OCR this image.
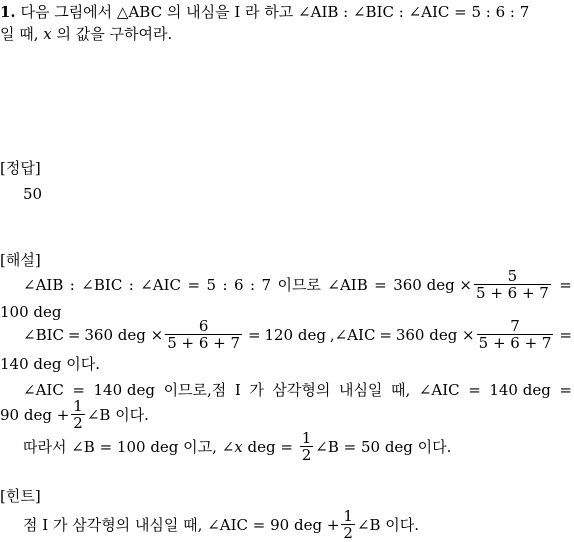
1. 다음 그림에서 △ABC 의 내심을 I 라 하고 ∠AIB : ∠BIC : ∠AIC = 5 : 6 : 7
일 때, x 의 값을 구하여라.
[정답]
50
[해설]
∠AIB : ∠BIC : ∠AIC = 5 : 6 : 7 이므로 ∠AIB = 360 deg × $\frac{5}{5 + 6 + 7}$ =
100 deg
∠BIC = 360 deg × $\frac{6}{5 + 6 + 7} = 120$ deg ,∠AIC = 360 deg × $\frac{7}{5 + 6 + 7}$ =
140 deg 이다.
∠AIC = 140 deg 이므로,점 I 가 삼각형의 내심일 때, ∠AIC = 140 deg =
90 deg + $\frac{1}{2}$ ∠B 이다.
따라서 ∠B = 100 deg 이고, ∠ x deg = $\frac{1}{2}$ ∠B = 50 deg 이다.
[힌트]
점 I 가 삼각형의 내심일 때, ∠AIC = 90 deg + $\frac{1}{2}$ ∠B 이다.
